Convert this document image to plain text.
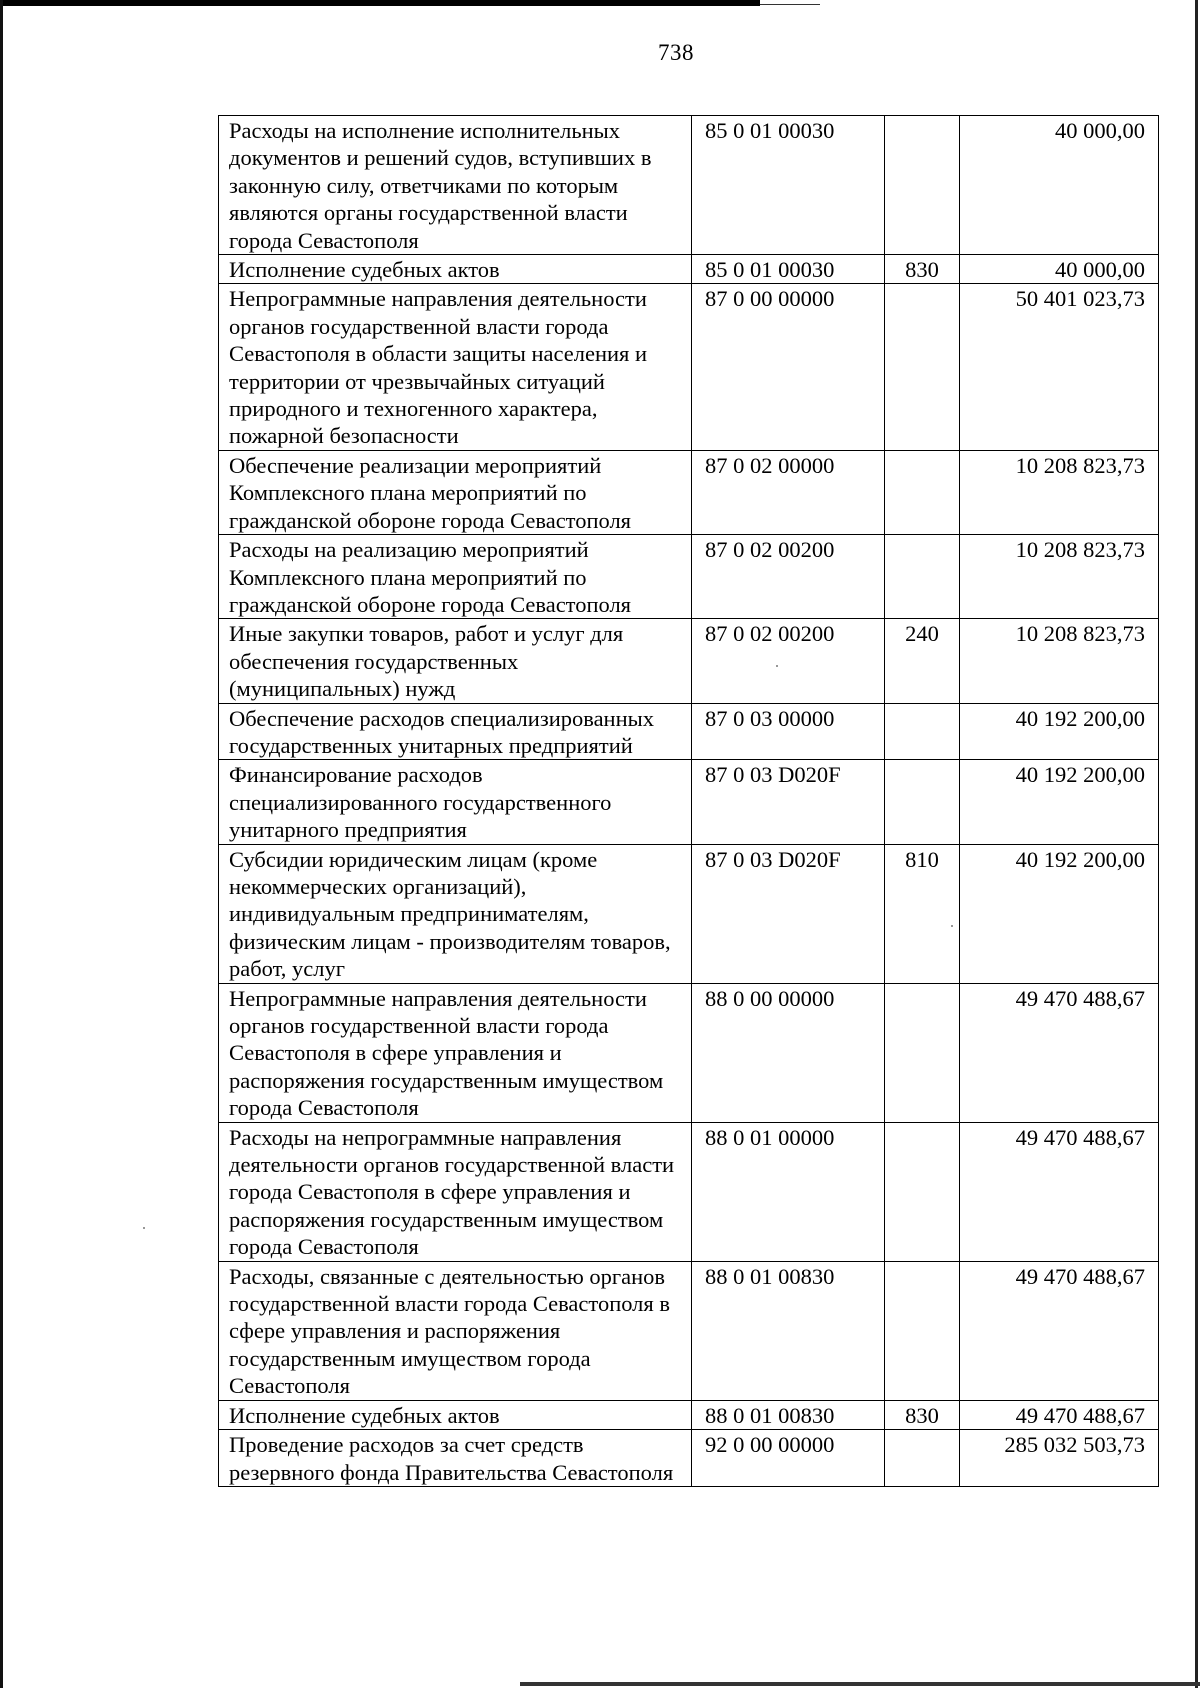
738
Расходы на исполнение исполнительных документов и решений судов, вступивших в законную силу, ответчиками по которым являются органы государственной власти города Севастополя	85 0 01 00030		40 000,00
Исполнение судебных актов	85 0 01 00030	830	40 000,00
Непрограммные направления деятельности органов государственной власти города Севастополя в области защиты населения и территории от чрезвычайных ситуаций природного и техногенного характера, пожарной безопасности	87 0 00 00000		50 401 023,73
Обеспечение реализации мероприятий Комплексного плана мероприятий по гражданской обороне города Севастополя	87 0 02 00000		10 208 823,73
Расходы на реализацию мероприятий Комплексного плана мероприятий по гражданской обороне города Севастополя	87 0 02 00200		10 208 823,73
Иные закупки товаров, работ и услуг для обеспечения государственных (муниципальных) нужд	87 0 02 00200	240	10 208 823,73
Обеспечение расходов специализированных государственных унитарных предприятий	87 0 03 00000		40 192 200,00
Финансирование расходов специализированного государственного унитарного предприятия	87 0 03 D020F		40 192 200,00
Субсидии юридическим лицам (кроме некоммерческих организаций), индивидуальным предпринимателям, физическим лицам - производителям товаров, работ, услуг	87 0 03 D020F	810	40 192 200,00
Непрограммные направления деятельности органов государственной власти города Севастополя в сфере управления и распоряжения государственным имуществом города Севастополя	88 0 00 00000		49 470 488,67
Расходы на непрограммные направления деятельности органов государственной власти города Севастополя в сфере управления и распоряжения государственным имуществом города Севастополя	88 0 01 00000		49 470 488,67
Расходы, связанные с деятельностью органов государственной власти города Севастополя в сфере управления и распоряжения государственным имуществом города Севастополя	88 0 01 00830		49 470 488,67
Исполнение судебных актов	88 0 01 00830	830	49 470 488,67
Проведение расходов за счет средств резервного фонда Правительства Севастополя	92 0 00 00000		285 032 503,73
